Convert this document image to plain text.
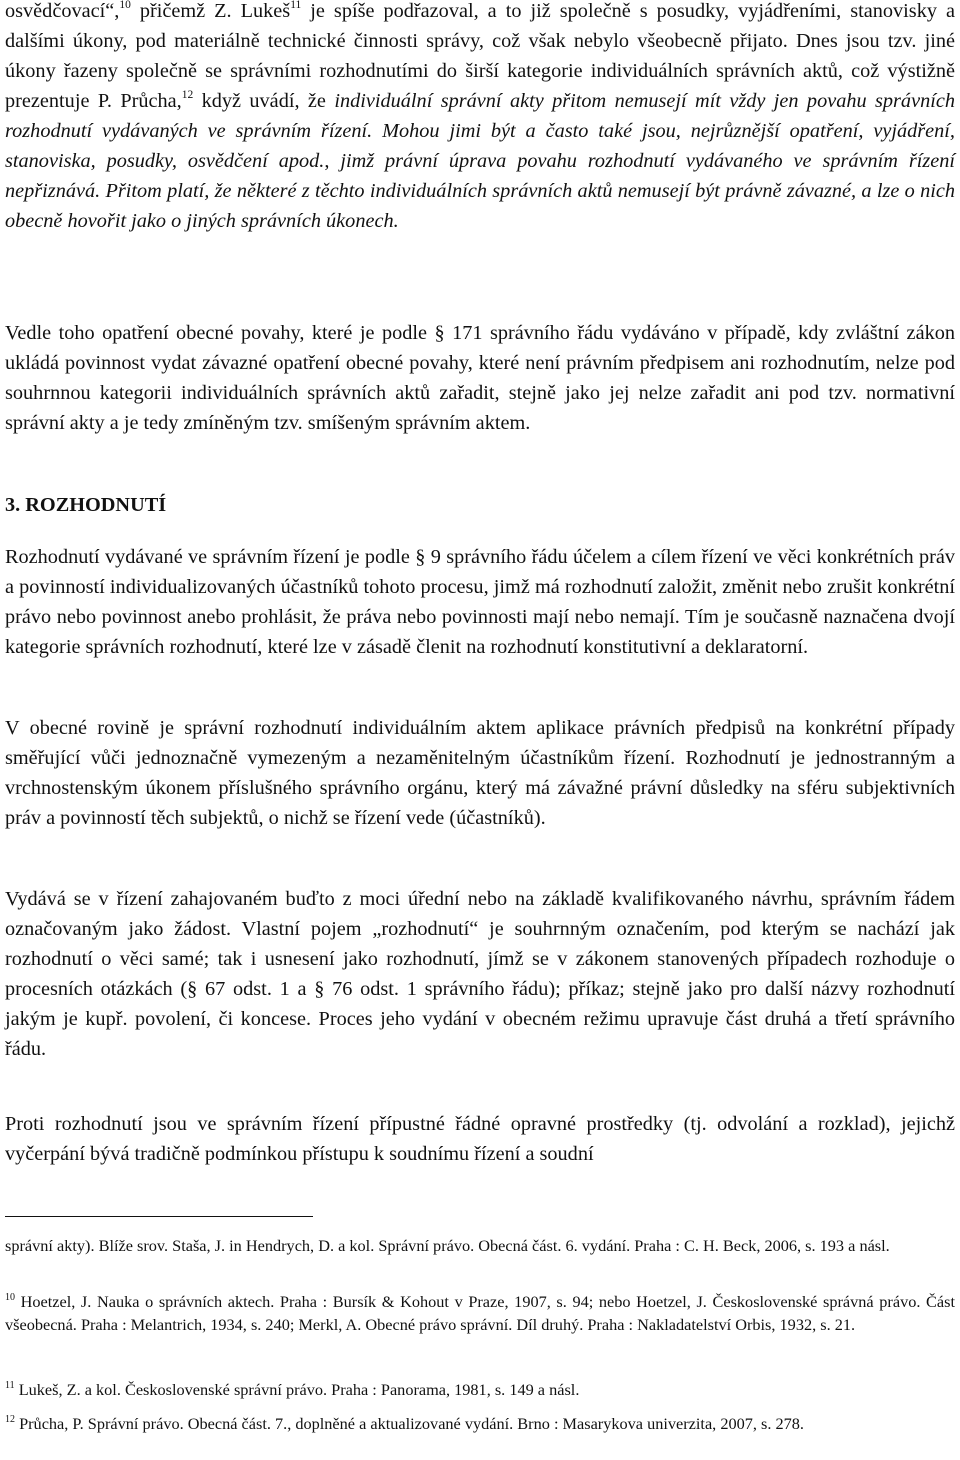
osvědčovací“,$^{10}$ přičemž Z. Lukeš$^{11}$ je spíše podřazoval, a to již společně s posudky, vyjádřeními, stanovisky a dalšími úkony, pod materiálně technické činnosti správy, což však nebylo všeobecně přijato. Dnes jsou tzv. jiné úkony řazeny společně se správními rozhodnutími do širší kategorie individuálních správních aktů, což výstižně prezentuje P. Průcha,$^{12}$ když uvádí, že individuální správní akty přitom nemusejí mít vždy jen povahu správních rozhodnutí vydávaných ve správním řízení. Mohou jimi být a často také jsou, nejrůznější opatření, vyjádření, stanoviska, posudky, osvědčení apod., jimž právní úprava povahu rozhodnutí vydávaného ve správním řízení nepřiznává. Přitom platí, že některé z těchto individuálních správních aktů nemusejí být právně závazné, a lze o nich obecně hovořit jako o jiných správních úkonech.

Vedle toho opatření obecné povahy, které je podle § 171 správního řádu vydáváno v případě, kdy zvláštní zákon ukládá povinnost vydat závazné opatření obecné povahy, které není právním předpisem ani rozhodnutím, nelze pod souhrnnou kategorii individuálních správních aktů zařadit, stejně jako jej nelze zařadit ani pod tzv. normativní správní akty a je tedy zmíněným tzv. smíšeným správním aktem.

3. ROZHODNUTÍ

Rozhodnutí vydávané ve správním řízení je podle § 9 správního řádu účelem a cílem řízení ve věci konkrétních práv a povinností individualizovaných účastníků tohoto procesu, jimž má rozhodnutí založit, změnit nebo zrušit konkrétní právo nebo povinnost anebo prohlásit, že práva nebo povinnosti mají nebo nemají. Tím je současně naznačena dvojí kategorie správních rozhodnutí, které lze v zásadě členit na rozhodnutí konstitutivní a deklaratorní.

V obecné rovině je správní rozhodnutí individuálním aktem aplikace právních předpisů na konkrétní případy směřující vůči jednoznačně vymezeným a nezaměnitelným účastníkům řízení. Rozhodnutí je jednostranným a vrchnostenským úkonem příslušného správního orgánu, který má závažné právní důsledky na sféru subjektivních práv a povinností těch subjektů, o nichž se řízení vede (účastníků).

Vydává se v řízení zahajovaném buďto z moci úřední nebo na základě kvalifikovaného návrhu, správním řádem označovaným jako žádost. Vlastní pojem „rozhodnutí“ je souhrnným označením, pod kterým se nachází jak rozhodnutí o věci samé; tak i usnesení jako rozhodnutí, jímž se v zákonem stanovených případech rozhoduje o procesních otázkách (§ 67 odst. 1 a § 76 odst. 1 správního řádu); příkaz; stejně jako pro další názvy rozhodnutí jakým je kupř. povolení, či koncese. Proces jeho vydání v obecném režimu upravuje část druhá a třetí správního řádu.

Proti rozhodnutí jsou ve správním řízení přípustné řádné opravné prostředky (tj. odvolání a rozklad), jejichž vyčerpání bývá tradičně podmínkou přístupu k soudnímu řízení a soudní

správní akty). Blíže srov. Staša, J. in Hendrych, D. a kol. Správní právo. Obecná část. 6. vydání. Praha : C. H. Beck, 2006, s. 193 a násl.

$^{10}$ Hoetzel, J. Nauka o správních aktech. Praha : Bursík & Kohout v Praze, 1907, s. 94; nebo Hoetzel, J. Československé správná právo. Část všeobecná. Praha : Melantrich, 1934, s. 240; Merkl, A. Obecné právo správní. Díl druhý. Praha : Nakladatelství Orbis, 1932, s. 21.

$^{11}$ Lukeš, Z. a kol. Československé správní právo. Praha : Panorama, 1981, s. 149 a násl.

$^{12}$ Průcha, P. Správní právo. Obecná část. 7., doplněné a aktualizované vydání. Brno : Masarykova univerzita, 2007, s. 278.
